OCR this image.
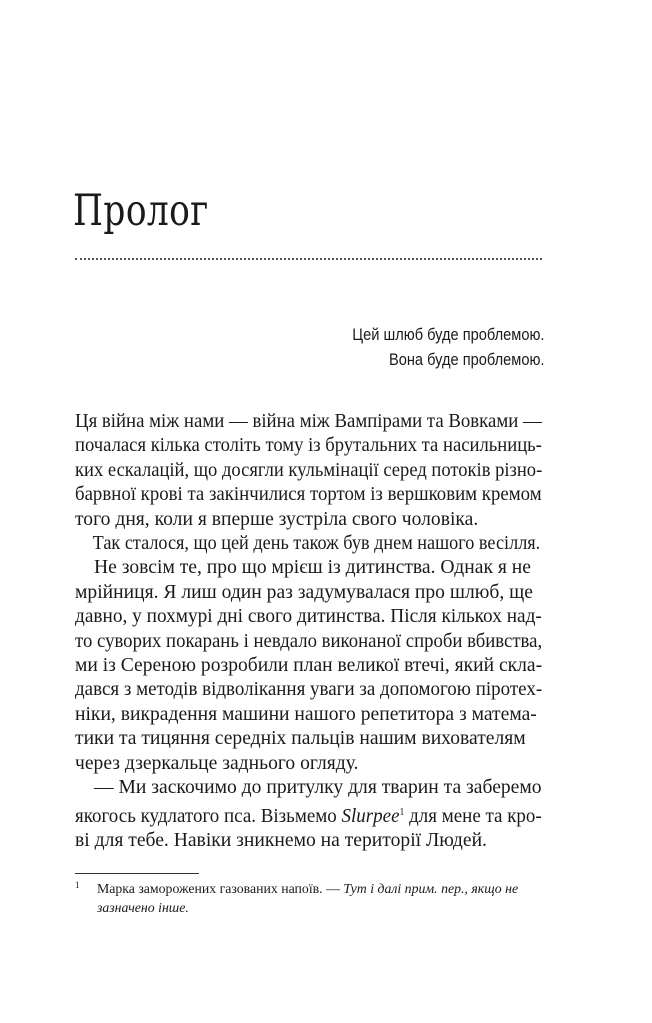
Пролог
Цей шлюб буде проблемою.
Вона буде проблемою.
Ця війна між нами — війна між Вампірами та Вовками —
почалася кілька століть тому із брутальних та насильниць-
ких ескалацій, що досягли кульмінації серед потоків різно-
барвної крові та закінчилися тортом із вершковим кремом
того дня, коли я вперше зустріла свого чоловіка.
Так сталося, що цей день також був днем нашого весілля.
Не зовсім те, про що мрієш із дитинства. Однак я не
мрійниця. Я лиш один раз задумувалася про шлюб, ще
давно, у похмурі дні свого дитинства. Після кількох над-
то суворих покарань і невдало виконаної спроби вбивства,
ми із Сереною розробили план великої втечі, який скла-
дався з методів відволікання уваги за допомогою піротех-
ніки, викрадення машини нашого репетитора з матема-
тики та тицяння середніх пальців нашим вихователям
через дзеркальце заднього огляду.
— Ми заскочимо до притулку для тварин та заберемо
якогось кудлатого пса. Візьмемо Slurpee$^1$ для мене та кро-
ві для тебе. Навіки зникнемо на території Людей.
1 Марка заморожених газованих напоїв. — Тут і далі прим. пер., якщо не
зазначено інше.
